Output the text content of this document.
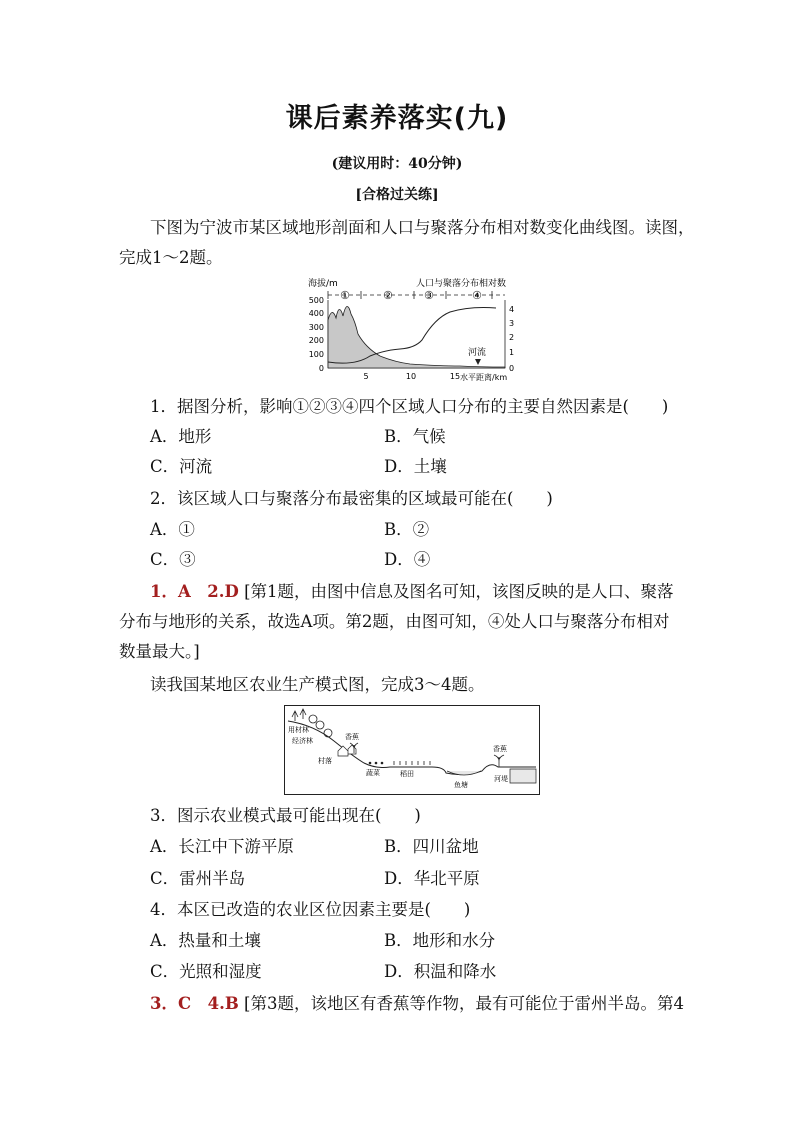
课后素养落实(九)
(建议用时：40分钟)
[合格过关练]
下图为宁波市某区域地形剖面和人口与聚落分布相对数变化曲线图。读图，
完成1～2题。
海拔/m	人口与聚落分布相对数
①	②	③	④
0
100
200
300
400
500
0
1
2
3
4
河流
5	10	15 水平距离/km
1．据图分析，影响①②③④四个区域人口分布的主要自然因素是(　　)
A．地形	B．气候
C．河流	D．土壤
2．该区域人口与聚落分布最密集的区域最可能在(　　)
A．①	B．②
C．③	D．④
1．A　2.D [第1题，由图中信息及图名可知，该图反映的是人口、聚落
分布与地形的关系，故选A项。第2题，由图可知，④处人口与聚落分布相对
数量最大。]
读我国某地区农业生产模式图，完成3～4题。
用材林
经济林	香蕉
村落
蔬菜	稻田
鱼塘
香蕉
河堤
3．图示农业模式最可能出现在(　　)
A．长江中下游平原	B．四川盆地
C．雷州半岛	D．华北平原
4．本区已改造的农业区位因素主要是(　　)
A．热量和土壤	B．地形和水分
C．光照和湿度	D．积温和降水
3．C　4.B [第3题，该地区有香蕉等作物，最有可能位于雷州半岛。第4
